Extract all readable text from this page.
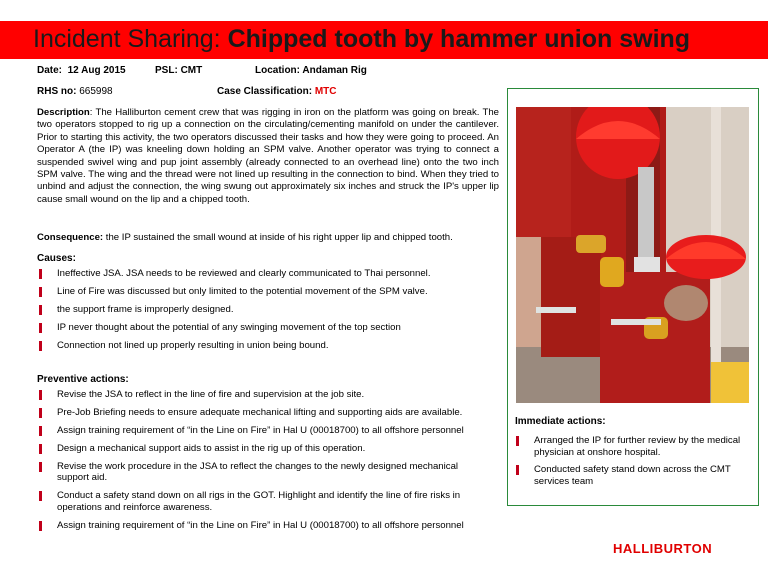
Incident Sharing: Chipped tooth by hammer union swing
Date: 12 Aug 2015	PSL: CMT	Location: Andaman Rig
RHS no: 665998	Case Classification: MTC
Description: The Halliburton cement crew that was rigging in iron on the platform was going on break. The two operators stopped to rig up a connection on the circulating/cementing manifold on under the cantilever. Prior to starting this activity, the two operators discussed their tasks and how they were going to proceed. An Operator A (the IP) was kneeling down holding an SPM valve. Another operator was trying to connect a suspended swivel wing and pup joint assembly (already connected to an overhead line) onto the two inch SPM valve. The wing and the thread were not lined up resulting in the connection to bind. When they tried to unbind and adjust the connection, the wing swung out approximately six inches and struck the IP's upper lip cause small wound on the lip and a chipped tooth.
Consequence: the IP sustained the small wound at inside of his right upper lip and chipped tooth.
Causes:
Ineffective JSA. JSA needs to be reviewed and clearly communicated to Thai personnel.
Line of Fire was discussed but only limited to the potential movement of the SPM valve.
the support frame is improperly designed.
IP never thought about the potential of any swinging movement of the top section
Connection not lined up properly resulting in union being bound.
Preventive actions:
Revise the JSA to reflect in the line of fire and supervision at the job site.
Pre-Job Briefing needs to ensure adequate mechanical lifting and supporting aids are available.
Assign training requirement of “in the Line on Fire” in Hal U (00018700) to all offshore personnel
Design a mechanical support aids to assist in the rig up of this operation.
Revise the work procedure in the JSA to reflect the changes to the newly designed mechanical support aid.
Conduct a safety stand down on all rigs in the GOT. Highlight and identify the line of fire risks in operations and reinforce awareness.
Assign training requirement of “in the Line on Fire” in Hal U (00018700) to all offshore personnel
Immediate actions:
Arranged the IP for further review by the medical physician at onshore hospital.
Conducted safety stand down across the CMT services team
HALLIBURTON
